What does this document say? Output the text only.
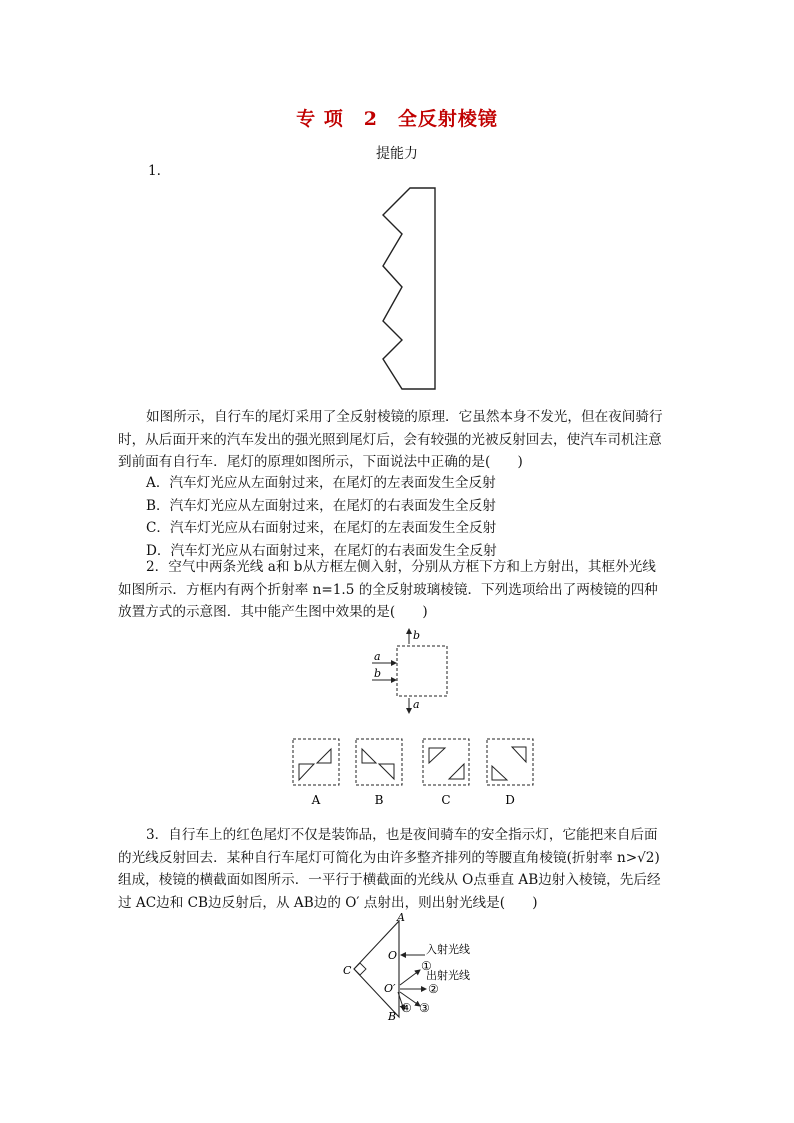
专 项　2　全反射棱镜
提能力
1.
如图所示，自行车的尾灯采用了全反射棱镜的原理．它虽然本身不发光，但在夜间骑行
时，从后面开来的汽车发出的强光照到尾灯后，会有较强的光被反射回去，使汽车司机注意
到前面有自行车．尾灯的原理如图所示，下面说法中正确的是(　　)
A．汽车灯光应从左面射过来，在尾灯的左表面发生全反射
B．汽车灯光应从左面射过来，在尾灯的右表面发生全反射
C．汽车灯光应从右面射过来，在尾灯的左表面发生全反射
D．汽车灯光应从右面射过来，在尾灯的右表面发生全反射
2．空气中两条光线 a和 b从方框左侧入射，分别从方框下方和上方射出，其框外光线
如图所示．方框内有两个折射率 n=1.5 的全反射玻璃棱镜．下列选项给出了两棱镜的四种
放置方式的示意图．其中能产生图中效果的是(　　)
a
b
b
a
A	B	C	D
3．自行车上的红色尾灯不仅是装饰品，也是夜间骑车的安全指示灯，它能把来自后面
的光线反射回去．某种自行车尾灯可简化为由许多整齐排列的等腰直角棱镜(折射率 n>√2)
组成，棱镜的横截面如图所示．一平行于横截面的光线从 O点垂直 AB边射入棱镜，先后经
过 AC边和 CB边反射后，从 AB边的 O′ 点射出，则出射光线是(　　)
A
B
C
O
O′
入射光线
出射光线
①
②
③
④
